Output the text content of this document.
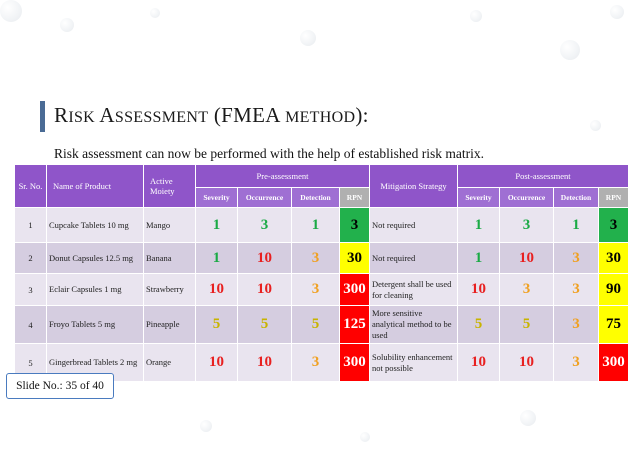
RISK ASSESSMENT (FMEA METHOD):
Risk assessment can now be performed with the help of established risk matrix.
Sr. No.	Name of Product	Active Moiety	Pre-assessment				Mitigation Strategy	Post-assessment			
			Severity	Occurrence	Detection	RPN		Severity	Occurrence	Detection	RPN
1	Cupcake Tablets 10 mg	Mango	1	3	1	3	Not required	1	3	1	3
2	Donut Capsules 12.5 mg	Banana	1	10	3	30	Not required	1	10	3	30
3	Eclair Capsules 1 mg	Strawberry	10	10	3	300	Detergent shall be used for cleaning	10	3	3	90
4	Froyo Tablets 5 mg	Pineapple	5	5	5	125	More sensitive analytical method to be used	5	5	3	75
5	Gingerbread Tablets 2 mg	Orange	10	10	3	300	Solubility enhancement not possible	10	10	3	300
Slide No.: 35 of 40
